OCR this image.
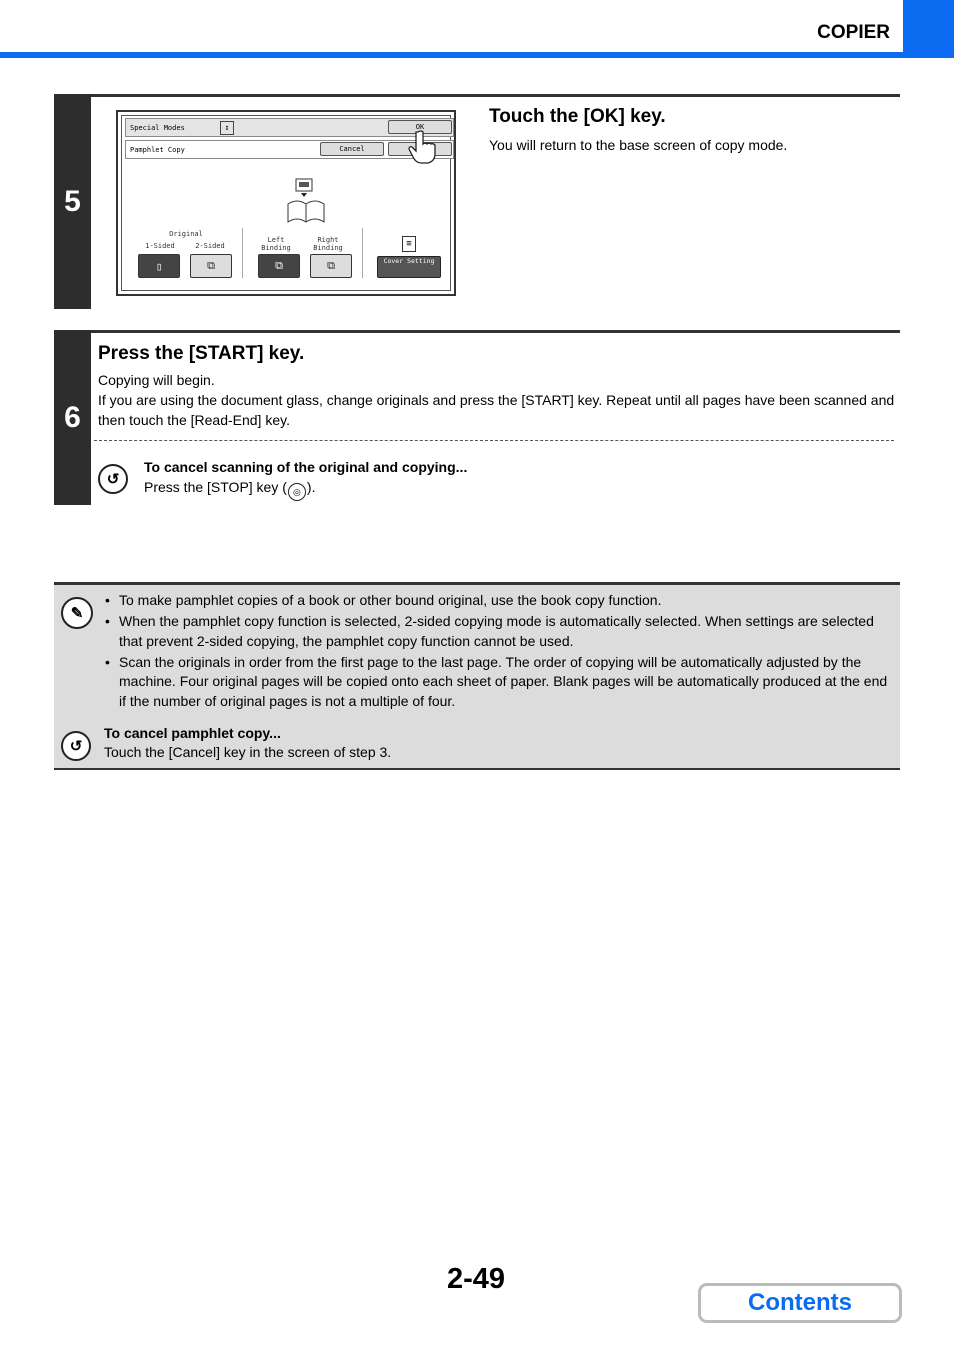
COPIER
5
Special Modes	↕	OK
Pamphlet Copy	Cancel
Original
1-Sided	2-Sided
Left Binding
Right Binding
▯	⧉	⧉	⧉
≡
Cover Setting
Touch the [OK] key.
You will return to the base screen of copy mode.
6
Press the [START] key.
Copying will begin.
If you are using the document glass, change originals and press the [START] key. Repeat until all pages have been scanned and then touch the [Read-End] key.
↺
To cancel scanning of the original and copying...
Press the [STOP] key ( ◎ ).
✎
• To make pamphlet copies of a book or other bound original, use the book copy function.
• When the pamphlet copy function is selected, 2-sided copying mode is automatically selected. When settings are selected that prevent 2-sided copying, the pamphlet copy function cannot be used.
• Scan the originals in order from the first page to the last page. The order of copying will be automatically adjusted by the machine. Four original pages will be copied onto each sheet of paper. Blank pages will be automatically produced at the end if the number of original pages is not a multiple of four.
↺
To cancel pamphlet copy...
Touch the [Cancel] key in the screen of step 3.
2-49
Contents
